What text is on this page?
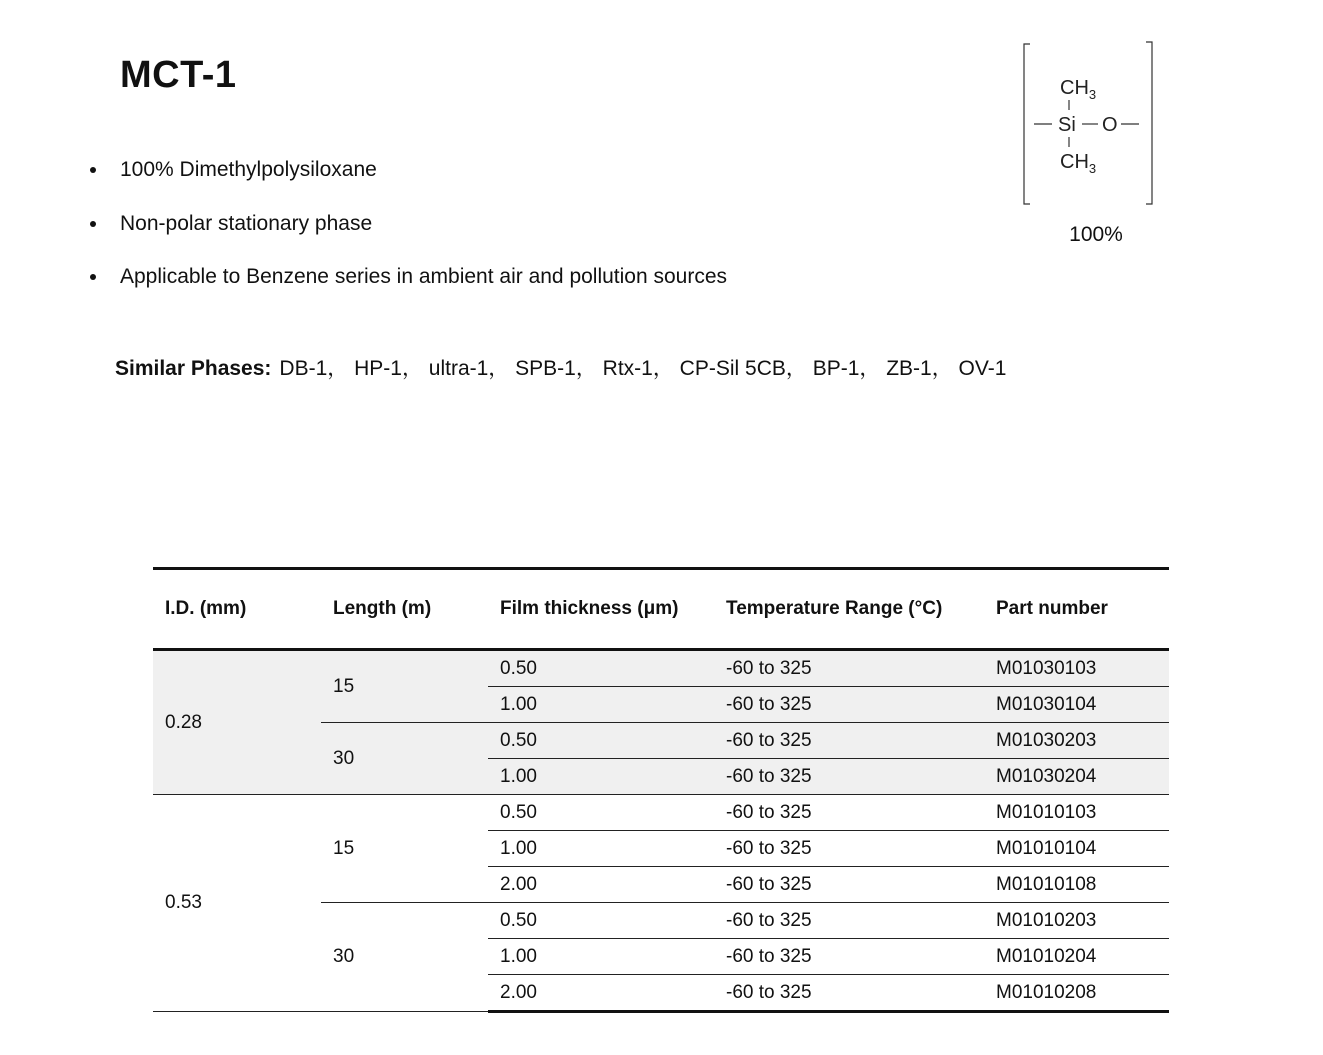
MCT-1
100% Dimethylpolysiloxane
Non-polar stationary phase
Applicable to Benzene series in ambient air and pollution sources
Similar Phases: DB-1， HP-1， ultra-1， SPB-1， Rtx-1， CP-Sil 5CB， BP-1， ZB-1， OV-1
$CH_3$
Si O
$CH_3$
100%
I.D. (mm)	Length (m)	Film thickness (μm)	Temperature Range (°C)	Part number
0.28	15	0.50	-60 to 325	M01030103
		1.00	-60 to 325	M01030104
	30	0.50	-60 to 325	M01030203
		1.00	-60 to 325	M01030204
0.53	15	0.50	-60 to 325	M01010103
		1.00	-60 to 325	M01010104
		2.00	-60 to 325	M01010108
	30	0.50	-60 to 325	M01010203
		1.00	-60 to 325	M01010204
		2.00	-60 to 325	M01010208
